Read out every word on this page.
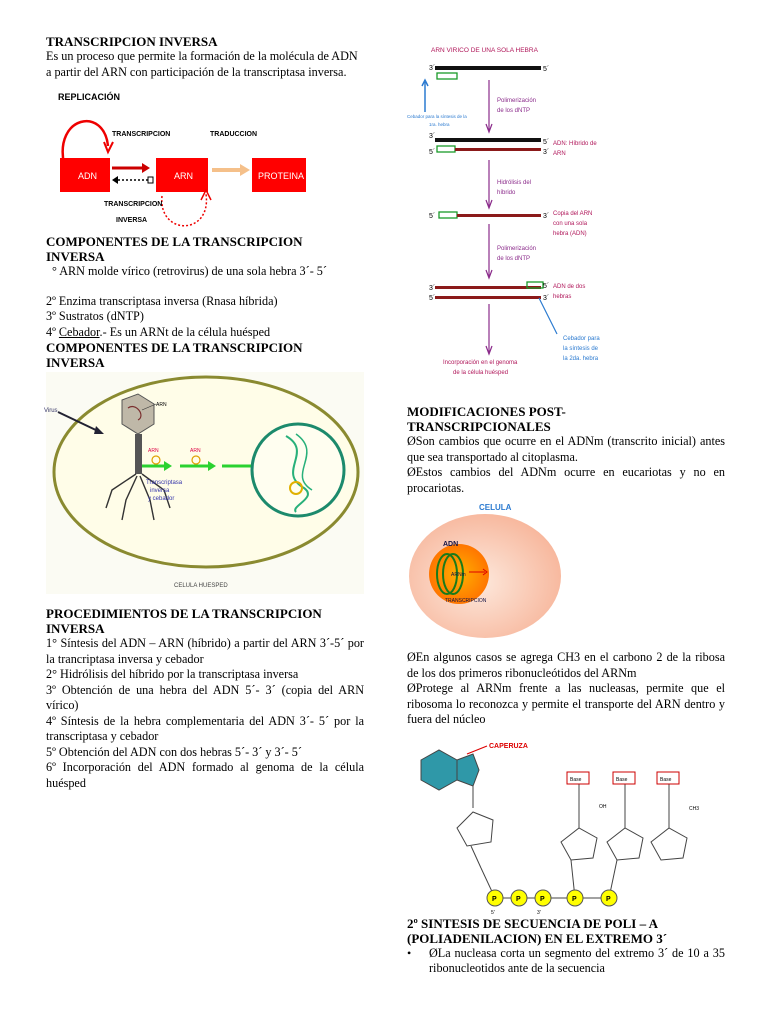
TRANSCRIPCION INVERSA

Es un proceso que permite la formación de la molécula de ADN a partir del ARN con participación de la transcriptasa inversa.

REPLICACIÓN
ADN
TRANSCRIPCION
ARN
TRADUCCION
PROTEINA
TRANSCRIPCION
INVERSA
COMPONENTES DE LA TRANSCRIPCION INVERSA

° ARN molde vírico (retrovirus) de una sola hebra 3´- 5´

2º Enzima transcriptasa inversa (Rnasa híbrida)

3º Sustratos (dNTP)

4º Cebador.- Es un ARNt de la célula huésped

COMPONENTES DE LA TRANSCRIPCION INVERSA
Virus
ARN
ARN	ARN
Transcriptasa
inversa
y cebador
CELULA HUESPED
PROCEDIMIENTOS DE LA TRANSCRIPCION INVERSA

1° Síntesis del ADN – ARN (híbrido) a partir del ARN 3´-5´ por la trancriptasa inversa y cebador

2° Hidrólisis del híbrido por la transcriptasa inversa

3º Obtención de una hebra del ADN 5´- 3´ (copia del ARN vírico)

4º Síntesis de la hebra complementaria del ADN 3´- 5´ por la transcriptasa y cebador

5º Obtención del ADN con dos hebras 5´- 3´ y 3´- 5´

6º Incorporación del ADN formado al genoma de la célula huésped

ARN VIRICO DE UNA SOLA HEBRA
3´	5´
Cebador para la síntesis de la
1ra. hebra
Polimerización
de los dNTP
3´
5´
5´	3´
ADN: Híbrido de
ARN
Hidrólisis del
híbrido
5´	3´ Copia del ARN
con una sola
hebra (ADN)
Polimerización
de los dNTP
3´	5´
5´	3´
ADN de dos
hebras
Cebador para
la síntesis de
la 2da. hebra
Incorporación en el genoma
de la célula huésped
MODIFICACIONES POST-TRANSCRIPCIONALES

ØSon cambios que ocurre en el ADNm (transcrito inicial) antes que sea transportado al citoplasma.

ØEstos cambios del ADNm ocurre en eucariotas y no en procariotas.

CELULA
ADN
ARNm
TRANSCRIPCION

ØEn algunos casos se agrega CH3 en el carbono 2 de la ribosa de los dos primeros ribonucleótidos del ARNm

ØProtege al ARNm frente a las nucleasas, permite que el ribosoma lo reconozca y permite el transporte del ARN dentro y fuera del núcleo

CAPERUZA
Base	Base	Base
OH	CH3
P	P	P	P	P
5'	3'
2º SINTESIS DE SECUENCIA DE POLI – A (POLIADENILACION) EN EL EXTREMO 3´
•	ØLa nucleasa corta un segmento del extremo 3´ de 10 a 35 ribonucleotidos ante de la secuencia
